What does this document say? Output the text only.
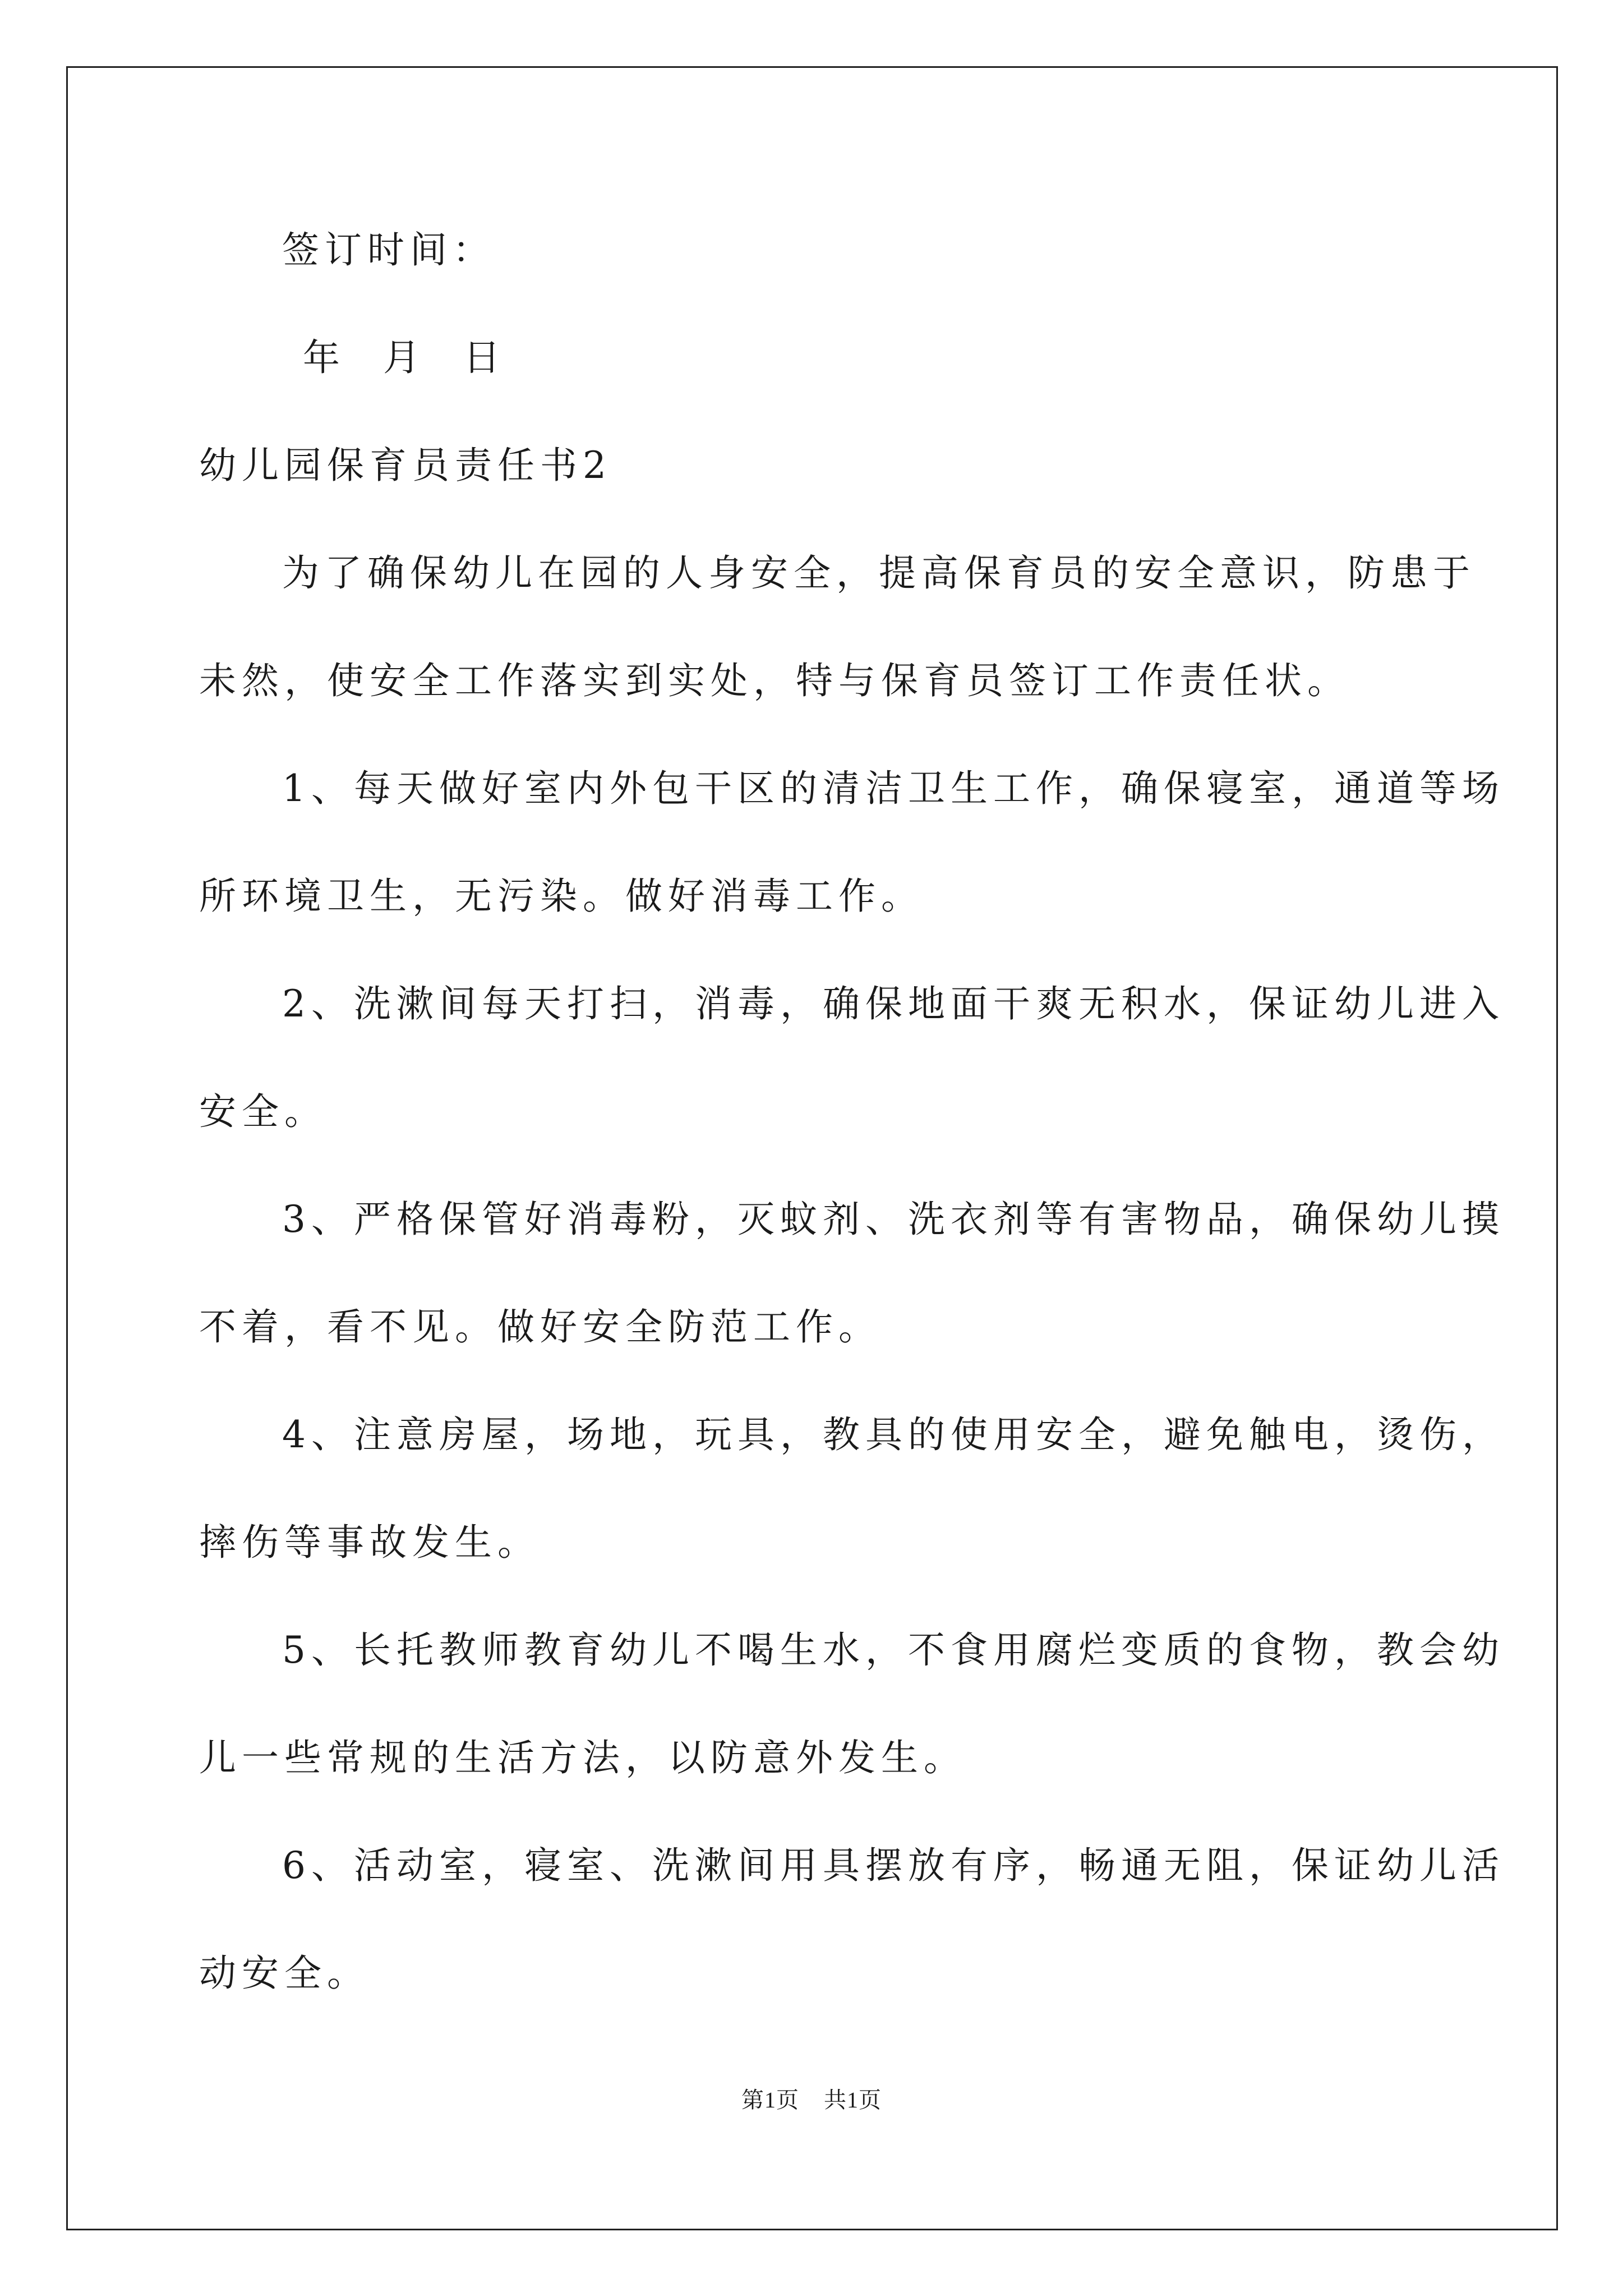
签订时间：
年 月 日
幼儿园保育员责任书2
为了确保幼儿在园的人身安全，提高保育员的安全意识，防患于
未然，使安全工作落实到实处，特与保育员签订工作责任状。
1、每天做好室内外包干区的清洁卫生工作，确保寝室，通道等场
所环境卫生，无污染。做好消毒工作。
2、洗漱间每天打扫，消毒，确保地面干爽无积水，保证幼儿进入
安全。
3、严格保管好消毒粉，灭蚊剂、洗衣剂等有害物品，确保幼儿摸
不着，看不见。做好安全防范工作。
4、注意房屋，场地，玩具，教具的使用安全，避免触电，烫伤，
摔伤等事故发生。
5、长托教师教育幼儿不喝生水，不食用腐烂变质的食物，教会幼
儿一些常规的生活方法，以防意外发生。
6、活动室，寝室、洗漱间用具摆放有序，畅通无阻，保证幼儿活
动安全。
第1页 共1页
